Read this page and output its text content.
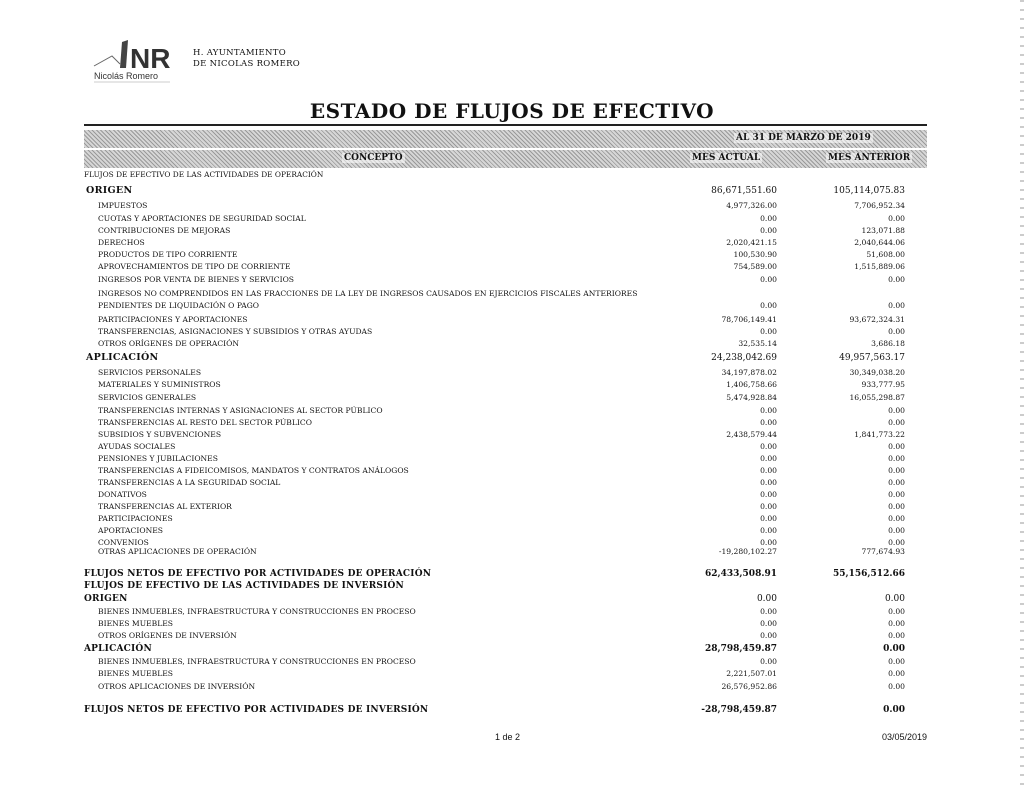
NR
Nicolás Romero
H. AYUNTAMIENTO
DE NICOLAS ROMERO
ESTADO DE FLUJOS DE EFECTIVO
AL 31 DE MARZO DE 2019
CONCEPTO	MES ACTUAL	MES ANTERIOR
FLUJOS DE EFECTIVO DE LAS ACTIVIDADES DE OPERACIÓN
ORIGEN	86,671,551.60	105,114,075.83
IMPUESTOS	4,977,326.00	7,706,952.34
CUOTAS Y APORTACIONES DE SEGURIDAD SOCIAL	0.00	0.00
CONTRIBUCIONES DE MEJORAS	0.00	123,071.88
DERECHOS	2,020,421.15	2,040,644.06
PRODUCTOS DE TIPO CORRIENTE	100,530.90	51,608.00
APROVECHAMIENTOS DE TIPO DE CORRIENTE	754,589.00	1,515,889.06
INGRESOS POR VENTA DE BIENES Y SERVICIOS	0.00	0.00
INGRESOS NO COMPRENDIDOS EN LAS FRACCIONES DE LA LEY DE INGRESOS CAUSADOS EN EJERCICIOS FISCALES ANTERIORES
PENDIENTES DE LIQUIDACIÓN O PAGO	0.00	0.00
PARTICIPACIONES Y APORTACIONES	78,706,149.41	93,672,324.31
TRANSFERENCIAS, ASIGNACIONES Y SUBSIDIOS Y OTRAS AYUDAS	0.00	0.00
OTROS ORÍGENES DE OPERACIÓN	32,535.14	3,686.18
APLICACIÓN	24,238,042.69	49,957,563.17
SERVICIOS PERSONALES	34,197,878.02	30,349,038.20
MATERIALES Y SUMINISTROS	1,406,758.66	933,777.95
SERVICIOS GENERALES	5,474,928.84	16,055,298.87
TRANSFERENCIAS INTERNAS Y ASIGNACIONES AL SECTOR PÚBLICO	0.00	0.00
TRANSFERENCIAS AL RESTO DEL SECTOR PÚBLICO	0.00	0.00
SUBSIDIOS Y SUBVENCIONES	2,438,579.44	1,841,773.22
AYUDAS SOCIALES	0.00	0.00
PENSIONES Y JUBILACIONES	0.00	0.00
TRANSFERENCIAS A FIDEICOMISOS, MANDATOS Y CONTRATOS ANÁLOGOS	0.00	0.00
TRANSFERENCIAS A LA SEGURIDAD SOCIAL	0.00	0.00
DONATIVOS	0.00	0.00
TRANSFERENCIAS AL EXTERIOR	0.00	0.00
PARTICIPACIONES	0.00	0.00
APORTACIONES	0.00	0.00
CONVENIOS	0.00	0.00
OTRAS APLICACIONES DE OPERACIÓN	-19,280,102.27	777,674.93
FLUJOS NETOS DE EFECTIVO POR ACTIVIDADES DE OPERACIÓN	62,433,508.91	55,156,512.66
FLUJOS DE EFECTIVO DE LAS ACTIVIDADES DE INVERSIÓN
ORIGEN	0.00	0.00
BIENES INMUEBLES, INFRAESTRUCTURA Y CONSTRUCCIONES EN PROCESO	0.00	0.00
BIENES MUEBLES	0.00	0.00
OTROS ORÍGENES DE INVERSIÓN	0.00	0.00
APLICACIÓN	28,798,459.87	0.00
BIENES INMUEBLES, INFRAESTRUCTURA Y CONSTRUCCIONES EN PROCESO	0.00	0.00
BIENES MUEBLES	2,221,507.01	0.00
OTROS APLICACIONES DE INVERSIÓN	26,576,952.86	0.00
FLUJOS NETOS DE EFECTIVO POR ACTIVIDADES DE INVERSIÓN	-28,798,459.87	0.00
1 de 2	03/05/2019
